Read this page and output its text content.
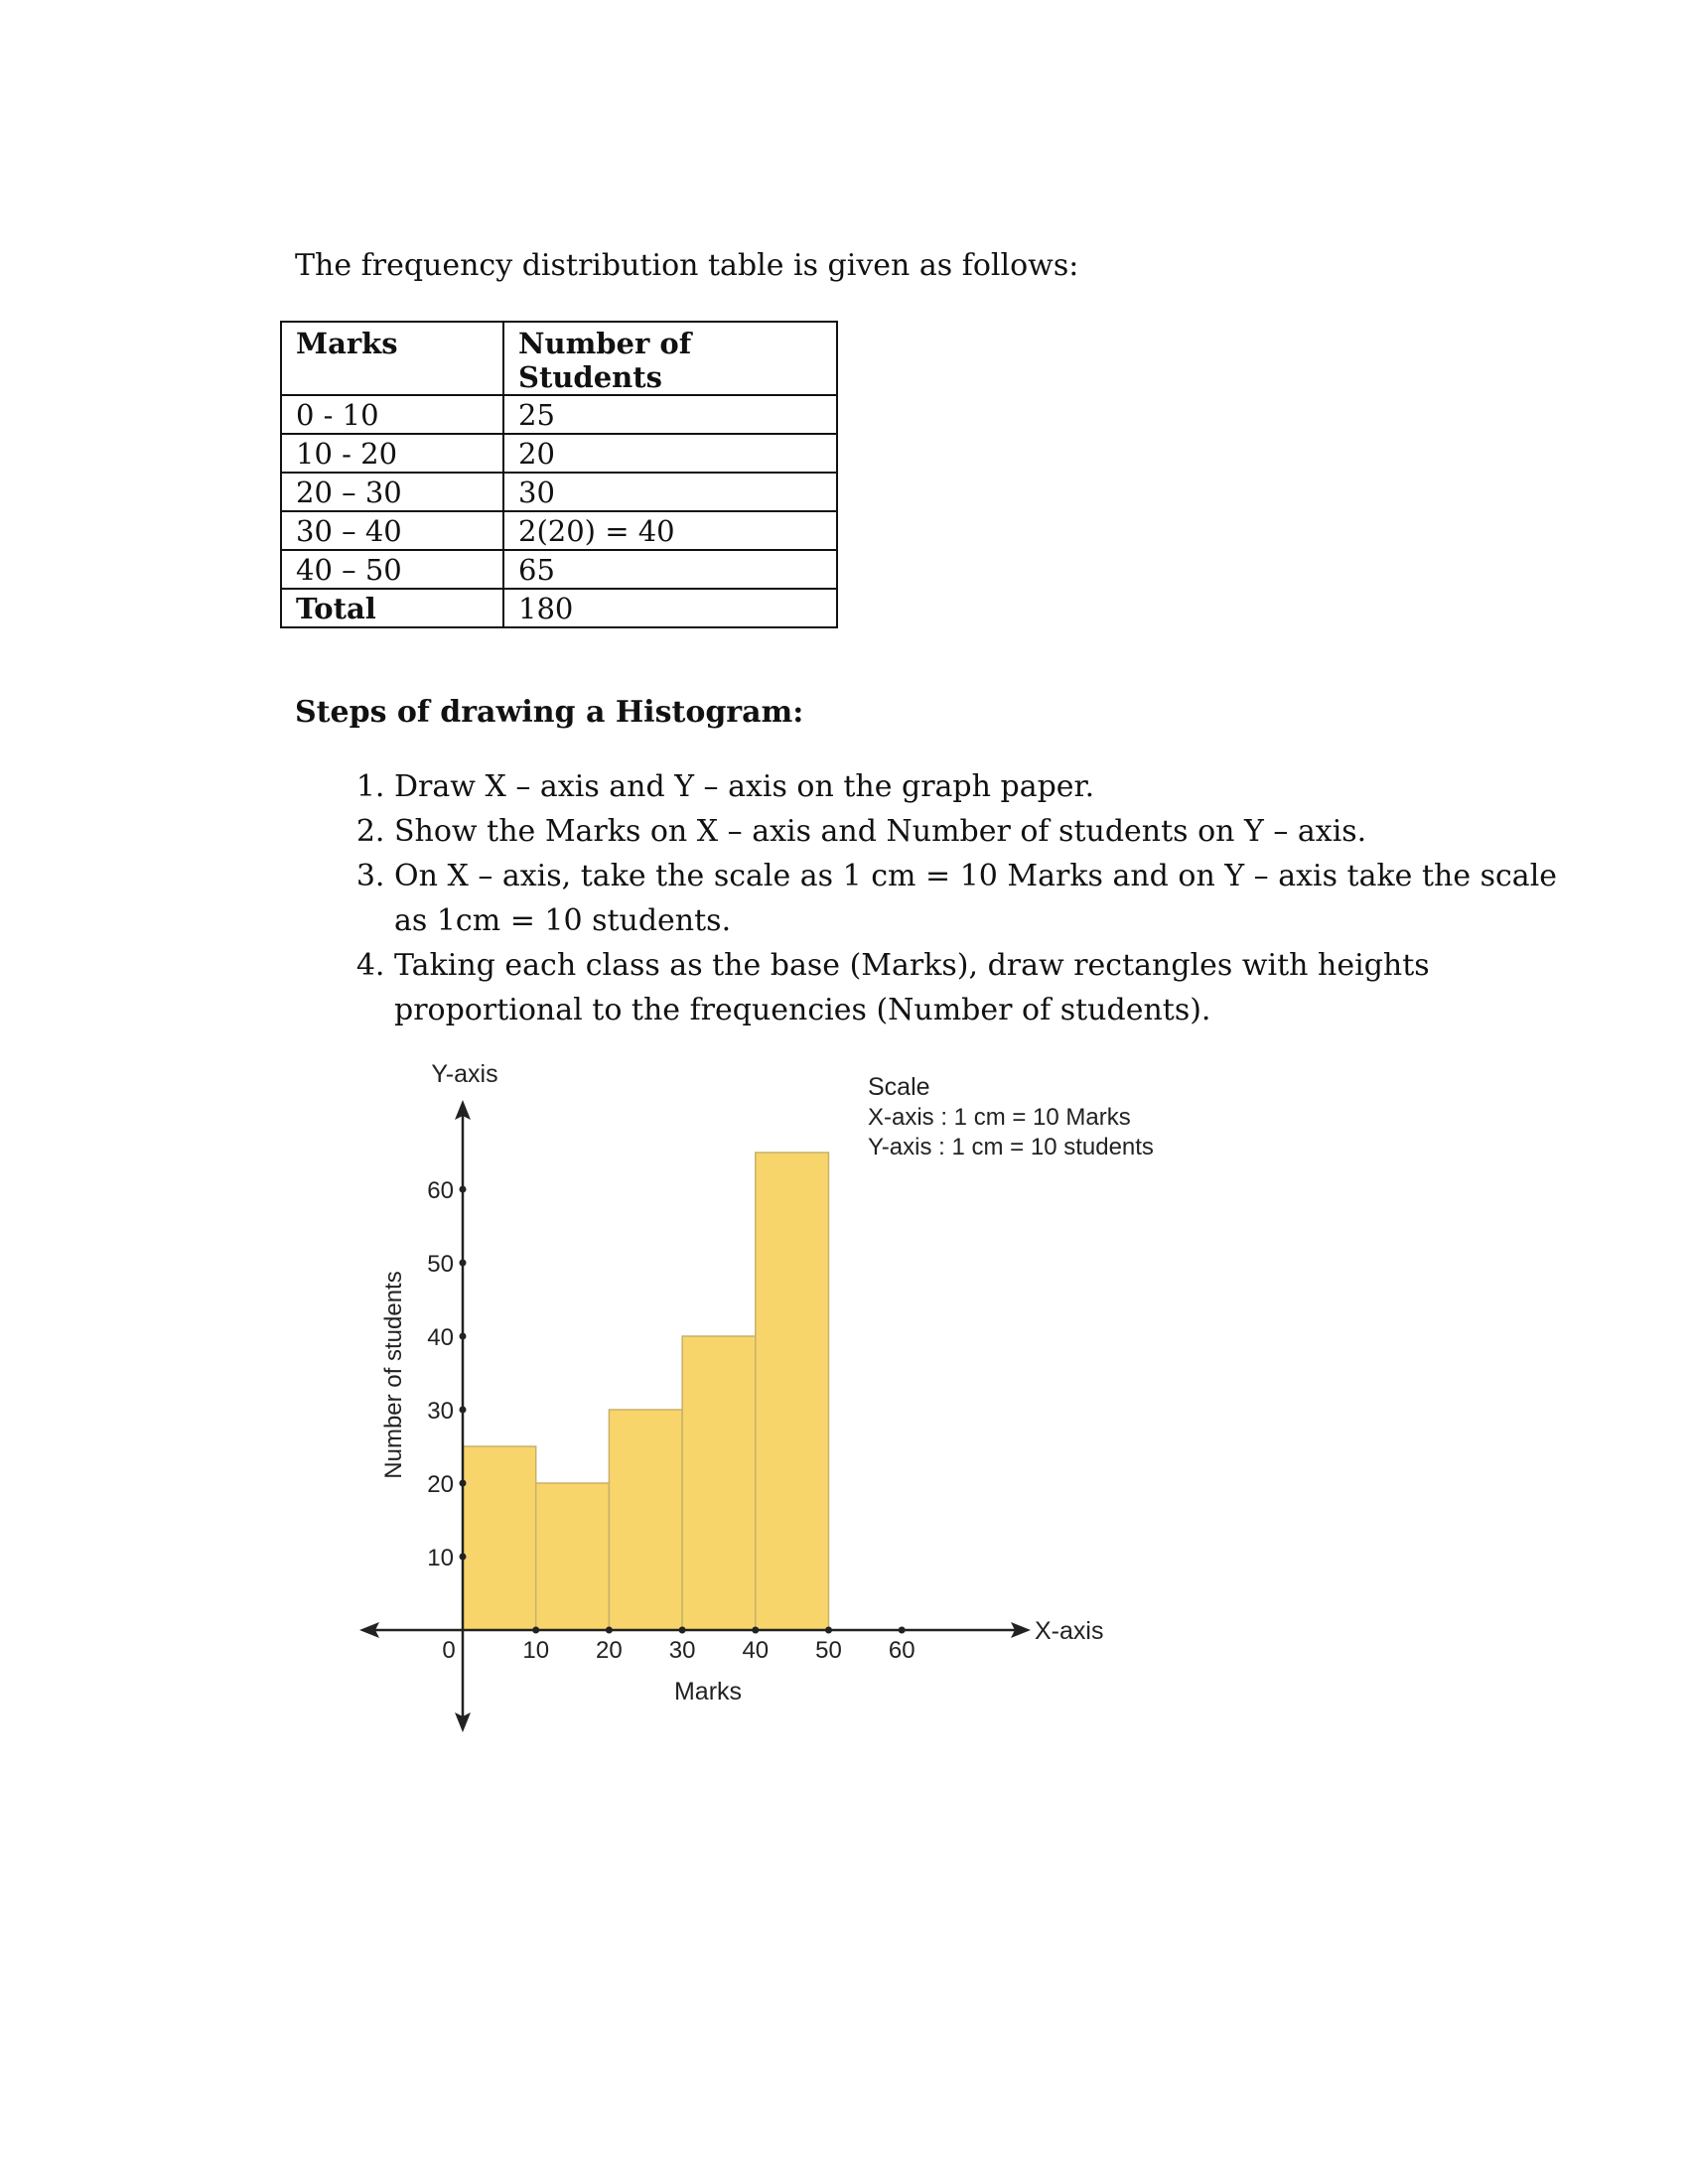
The frequency distribution table is given as follows:
Marks	Number of Students
0 - 10	25
10 - 20	20
20 – 30	30
30 – 40	2(20) = 40
40 – 50	65
Total	180
Steps of drawing a Histogram:
1. Draw X – axis and Y – axis on the graph paper.
2. Show the Marks on X – axis and Number of students on Y – axis.
3. On X – axis, take the scale as 1 cm = 10 Marks and on Y – axis take the scale as 1cm = 10 students.
4. Taking each class as the base (Marks), draw rectangles with heights proportional to the frequencies (Number of students).
Y-axis
X-axis
10 20 30 40 50 60
0
10
20
30
40
50
60
Marks
Number of students
Scale
X-axis : 1 cm = 10 Marks
Y-axis : 1 cm = 10 students
